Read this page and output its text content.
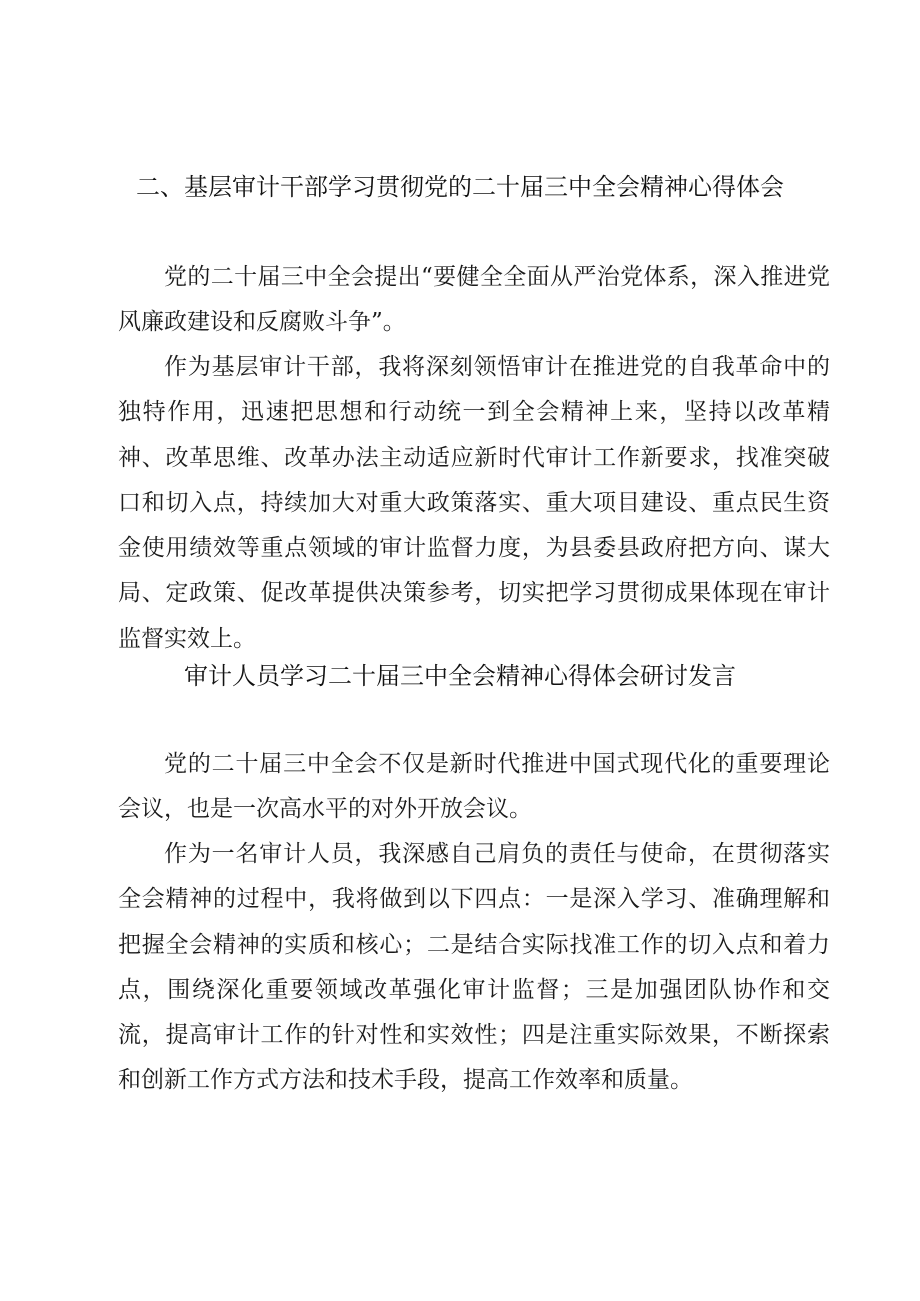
二、基层审计干部学习贯彻党的二十届三中全会精神心得体会

党的二十届三中全会提出“要健全全面从严治党体系，深入推进党风廉政建设和反腐败斗争”。

作为基层审计干部，我将深刻领悟审计在推进党的自我革命中的独特作用，迅速把思想和行动统一到全会精神上来，坚持以改革精神、改革思维、改革办法主动适应新时代审计工作新要求，找准突破口和切入点，持续加大对重大政策落实、重大项目建设、重点民生资金使用绩效等重点领域的审计监督力度，为县委县政府把方向、谋大局、定政策、促改革提供决策参考，切实把学习贯彻成果体现在审计监督实效上。

审计人员学习二十届三中全会精神心得体会研讨发言

党的二十届三中全会不仅是新时代推进中国式现代化的重要理论会议，也是一次高水平的对外开放会议。

作为一名审计人员，我深感自己肩负的责任与使命，在贯彻落实全会精神的过程中，我将做到以下四点：一是深入学习、准确理解和把握全会精神的实质和核心；二是结合实际找准工作的切入点和着力点，围绕深化重要领域改革强化审计监督；三是加强团队协作和交流，提高审计工作的针对性和实效性；四是注重实际效果，不断探索和创新工作方式方法和技术手段，提高工作效率和质量。
